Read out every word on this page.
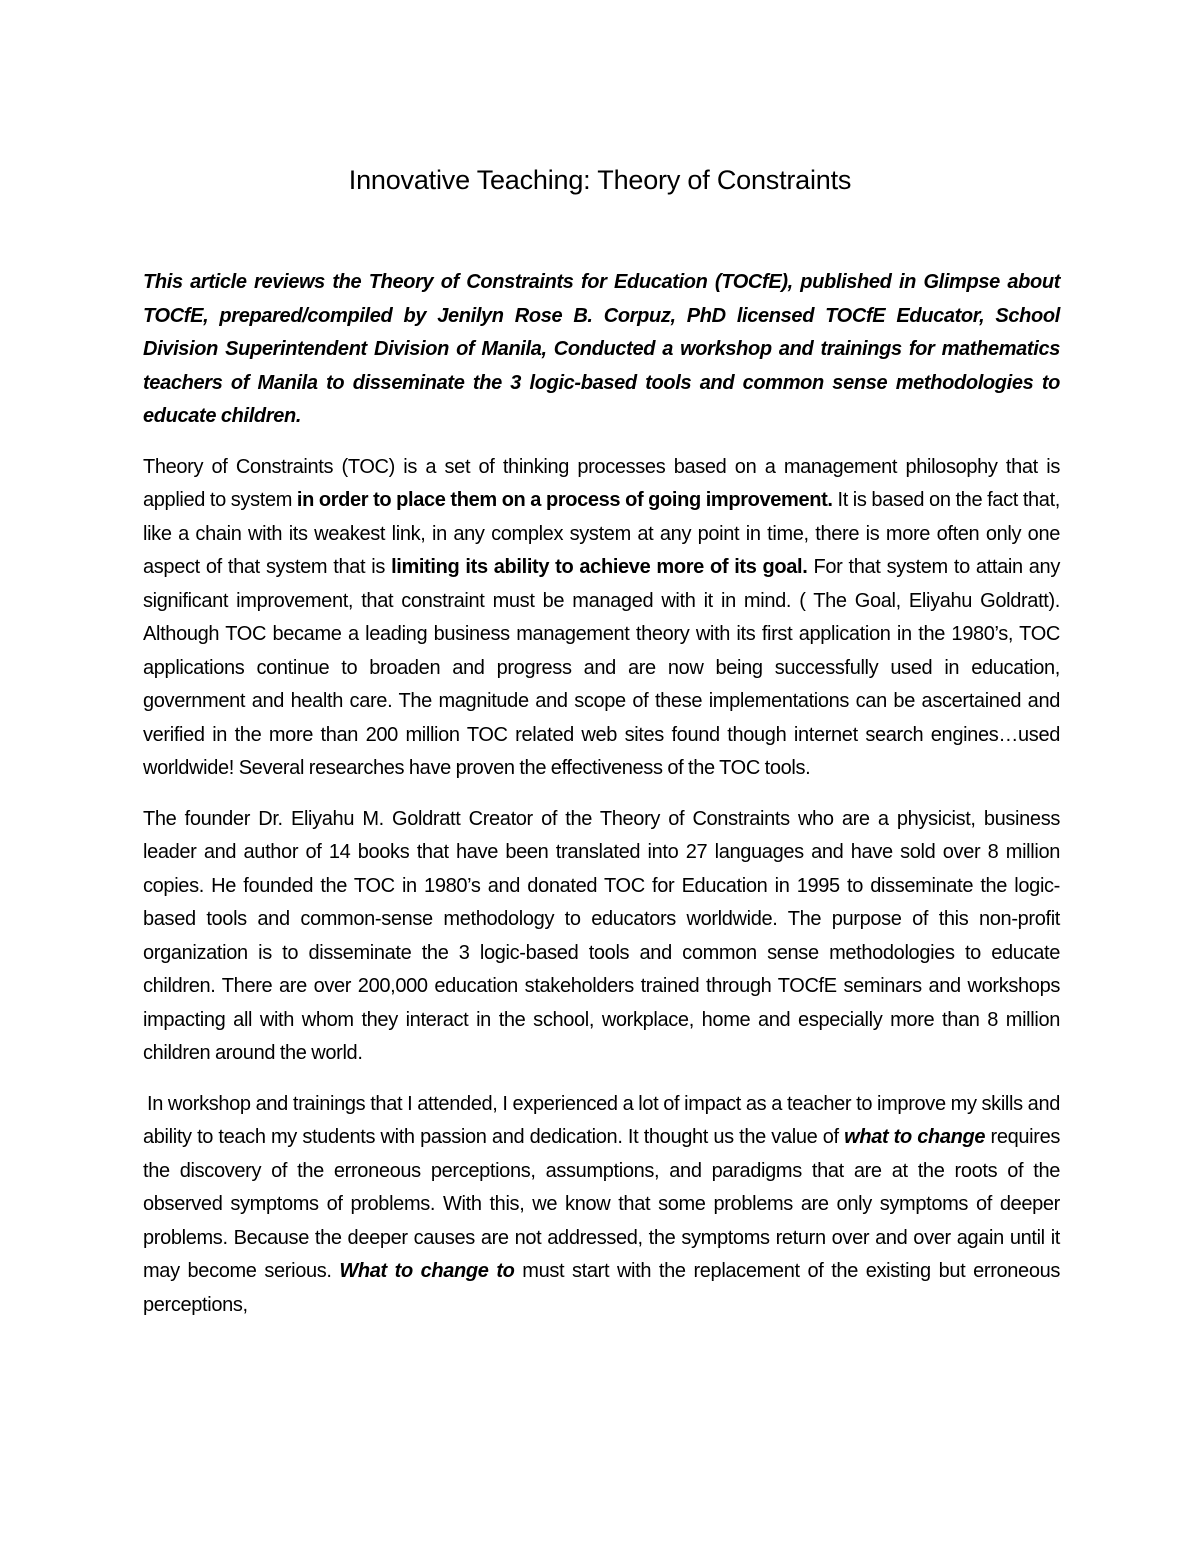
Innovative Teaching: Theory of Constraints

This article reviews the Theory of Constraints for Education (TOCfE), published in Glimpse about TOCfE, prepared/compiled by Jenilyn Rose B. Corpuz, PhD licensed TOCfE Educator, School Division Superintendent Division of Manila, Conducted a workshop and trainings for mathematics teachers of Manila to disseminate the 3 logic-based tools and common sense methodologies to educate children.

Theory of Constraints (TOC) is a set of thinking processes based on a management philosophy that is applied to system in order to place them on a process of going improvement. It is based on the fact that, like a chain with its weakest link, in any complex system at any point in time, there is more often only one aspect of that system that is limiting its ability to achieve more of its goal. For that system to attain any significant improvement, that constraint must be managed with it in mind. ( The Goal, Eliyahu Goldratt). Although TOC became a leading business management theory with its first application in the 1980’s, TOC applications continue to broaden and progress and are now being successfully used in education, government and health care. The magnitude and scope of these implementations can be ascertained and verified in the more than 200 million TOC related web sites found though internet search engines…used worldwide! Several researches have proven the effectiveness of the TOC tools.

The founder Dr. Eliyahu M. Goldratt Creator of the Theory of Constraints who are a physicist, business leader and author of 14 books that have been translated into 27 languages and have sold over 8 million copies. He founded the TOC in 1980’s and donated TOC for Education in 1995 to disseminate the logic-based tools and common-sense methodology to educators worldwide. The purpose of this non-profit organization is to disseminate the 3 logic-based tools and common sense methodologies to educate children. There are over 200,000 education stakeholders trained through TOCfE seminars and workshops impacting all with whom they interact in the school, workplace, home and especially more than 8 million children around the world.

In workshop and trainings that I attended, I experienced a lot of impact as a teacher to improve my skills and ability to teach my students with passion and dedication. It thought us the value of what to change requires the discovery of the erroneous perceptions, assumptions, and paradigms that are at the roots of the observed symptoms of problems. With this, we know that some problems are only symptoms of deeper problems. Because the deeper causes are not addressed, the symptoms return over and over again until it may become serious. What to change to must start with the replacement of the existing but erroneous perceptions,
